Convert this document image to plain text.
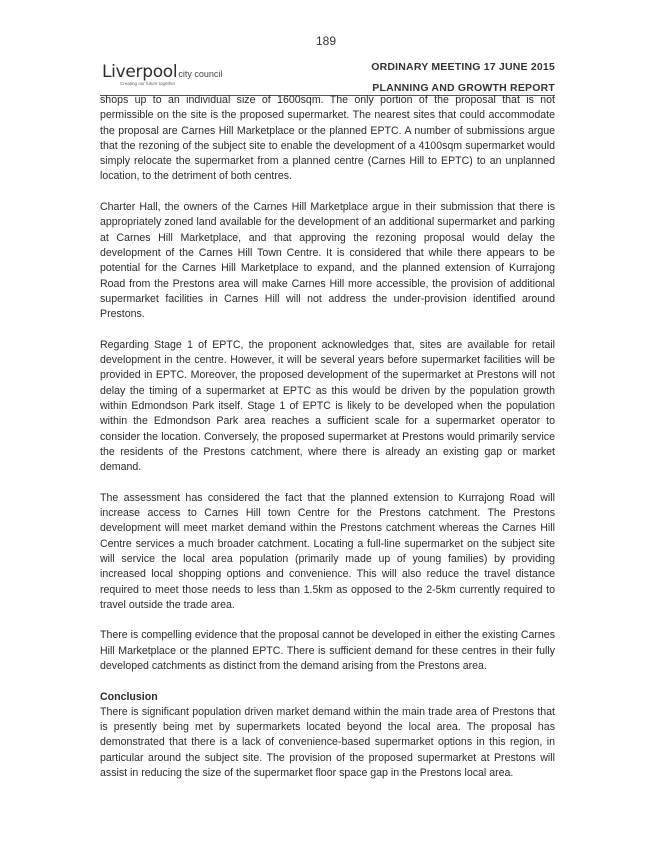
189
Liverpoolcity council
Creating our future together
ORDINARY MEETING 17 JUNE 2015
PLANNING AND GROWTH REPORT

shops up to an individual size of 1600sqm. The only portion of the proposal that is not permissible on the site is the proposed supermarket. The nearest sites that could accommodate the proposal are Carnes Hill Marketplace or the planned EPTC. A number of submissions argue that the rezoning of the subject site to enable the development of a 4100sqm supermarket would simply relocate the supermarket from a planned centre (Carnes Hill to EPTC) to an unplanned location, to the detriment of both centres.

Charter Hall, the owners of the Carnes Hill Marketplace argue in their submission that there is appropriately zoned land available for the development of an additional supermarket and parking at Carnes Hill Marketplace, and that approving the rezoning proposal would delay the development of the Carnes Hill Town Centre. It is considered that while there appears to be potential for the Carnes Hill Marketplace to expand, and the planned extension of Kurrajong Road from the Prestons area will make Carnes Hill more accessible, the provision of additional supermarket facilities in Carnes Hill will not address the under-provision identified around Prestons.

Regarding Stage 1 of EPTC, the proponent acknowledges that, sites are available for retail development in the centre. However, it will be several years before supermarket facilities will be provided in EPTC. Moreover, the proposed development of the supermarket at Prestons will not delay the timing of a supermarket at EPTC as this would be driven by the population growth within Edmondson Park itself. Stage 1 of EPTC is likely to be developed when the population within the Edmondson Park area reaches a sufficient scale for a supermarket operator to consider the location. Conversely, the proposed supermarket at Prestons would primarily service the residents of the Prestons catchment, where there is already an existing gap or market demand.

The assessment has considered the fact that the planned extension to Kurrajong Road will increase access to Carnes Hill town Centre for the Prestons catchment. The Prestons development will meet market demand within the Prestons catchment whereas the Carnes Hill Centre services a much broader catchment. Locating a full-line supermarket on the subject site will service the local area population (primarily made up of young families) by providing increased local shopping options and convenience. This will also reduce the travel distance required to meet those needs to less than 1.5km as opposed to the 2-5km currently required to travel outside the trade area.

There is compelling evidence that the proposal cannot be developed in either the existing Carnes Hill Marketplace or the planned EPTC. There is sufficient demand for these centres in their fully developed catchments as distinct from the demand arising from the Prestons area.

Conclusion

There is significant population driven market demand within the main trade area of Prestons that is presently being met by supermarkets located beyond the local area. The proposal has demonstrated that there is a lack of convenience-based supermarket options in this region, in particular around the subject site. The provision of the proposed supermarket at Prestons will assist in reducing the size of the supermarket floor space gap in the Prestons local area.
